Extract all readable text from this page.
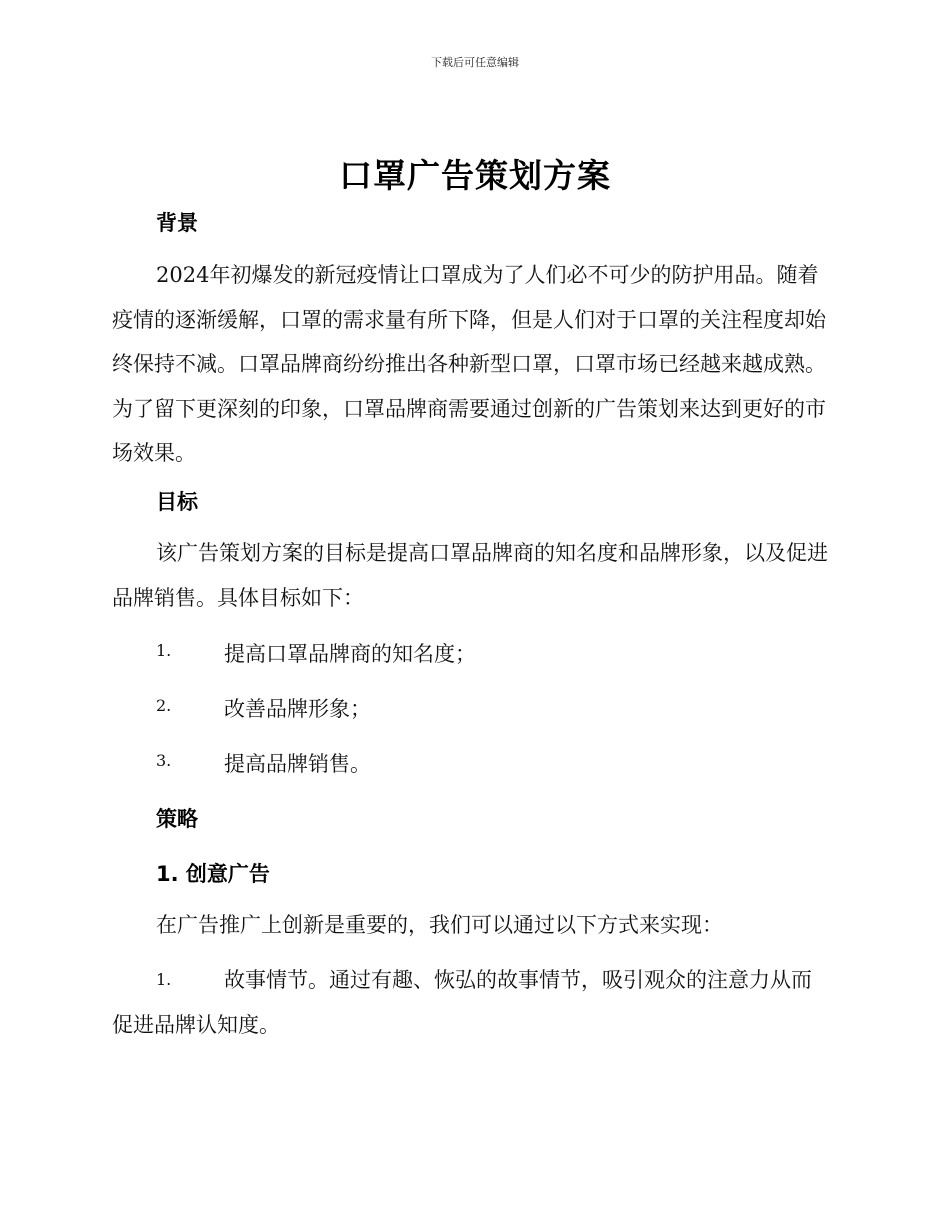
下载后可任意编辑
口罩广告策划方案
背景

2024年初爆发的新冠疫情让口罩成为了人们必不可少的防护用品。随着疫情的逐渐缓解，口罩的需求量有所下降，但是人们对于口罩的关注程度却始终保持不减。口罩品牌商纷纷推出各种新型口罩，口罩市场已经越来越成熟。为了留下更深刻的印象，口罩品牌商需要通过创新的广告策划来达到更好的市场效果。

目标

该广告策划方案的目标是提高口罩品牌商的知名度和品牌形象，以及促进品牌销售。具体目标如下：

1.	提高口罩品牌商的知名度；
2.	改善品牌形象；
3.	提高品牌销售。
策略
1. 创意广告

在广告推广上创新是重要的，我们可以通过以下方式来实现：

1.	故事情节。通过有趣、恢弘的故事情节，吸引观众的注意力从而促进品牌认知度。
